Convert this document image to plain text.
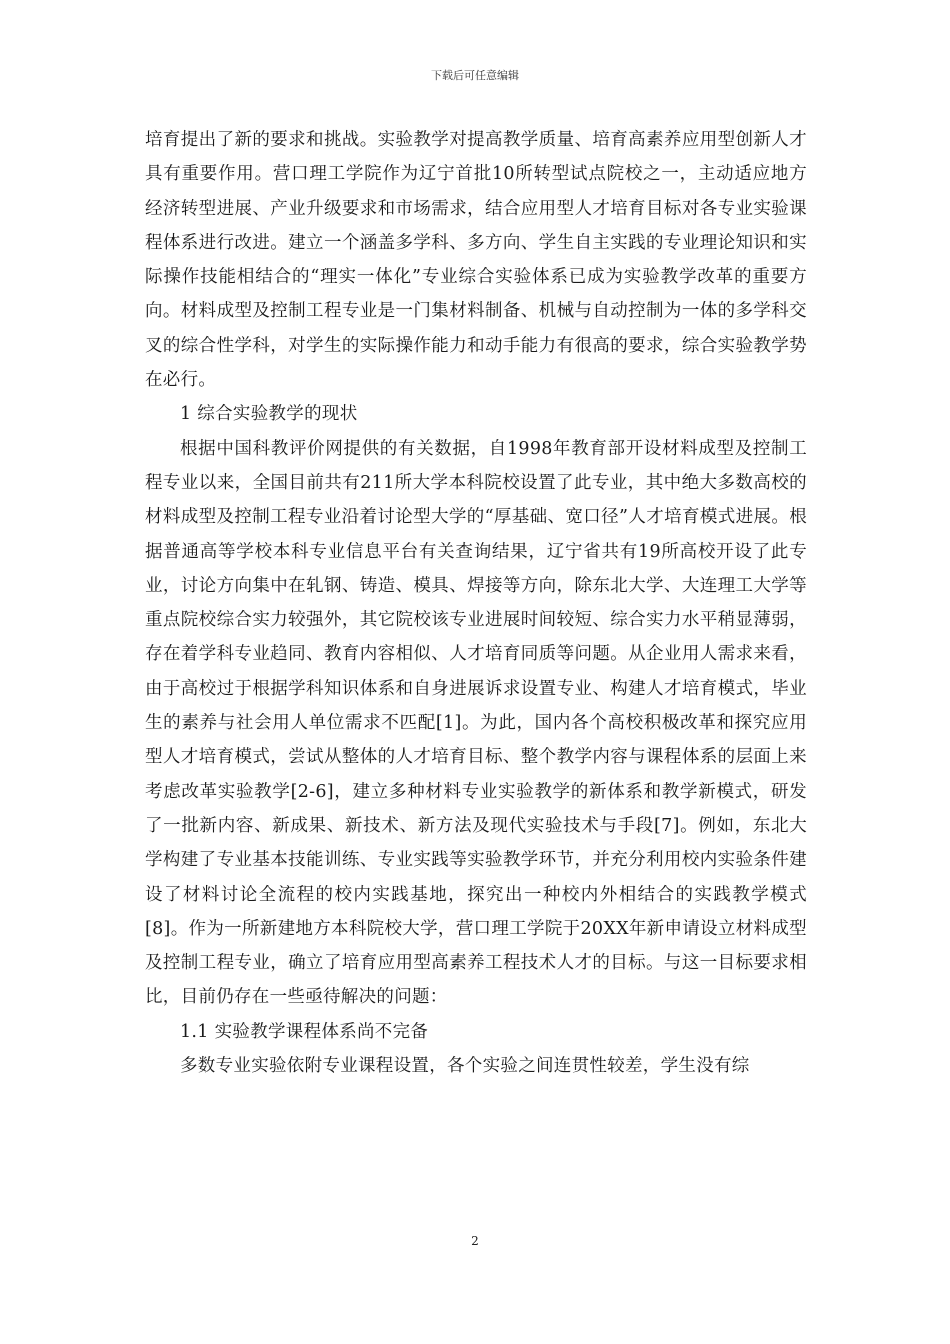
下载后可任意编辑

培育提出了新的要求和挑战。实验教学对提高教学质量、培育高素养应用型创新人才具有重要作用。营口理工学院作为辽宁首批10所转型试点院校之一，主动适应地方经济转型进展、产业升级要求和市场需求，结合应用型人才培育目标对各专业实验课程体系进行改进。建立一个涵盖多学科、多方向、学生自主实践的专业理论知识和实际操作技能相结合的“理实一体化”专业综合实验体系已成为实验教学改革的重要方向。材料成型及控制工程专业是一门集材料制备、机械与自动控制为一体的多学科交叉的综合性学科，对学生的实际操作能力和动手能力有很高的要求，综合实验教学势在必行。

1 综合实验教学的现状

根据中国科教评价网提供的有关数据，自1998年教育部开设材料成型及控制工程专业以来，全国目前共有211所大学本科院校设置了此专业，其中绝大多数高校的材料成型及控制工程专业沿着讨论型大学的“厚基础、宽口径”人才培育模式进展。根据普通高等学校本科专业信息平台有关查询结果，辽宁省共有19所高校开设了此专业，讨论方向集中在轧钢、铸造、模具、焊接等方向，除东北大学、大连理工大学等重点院校综合实力较强外，其它院校该专业进展时间较短、综合实力水平稍显薄弱，存在着学科专业趋同、教育内容相似、人才培育同质等问题。从企业用人需求来看，由于高校过于根据学科知识体系和自身进展诉求设置专业、构建人才培育模式，毕业生的素养与社会用人单位需求不匹配[1]。为此，国内各个高校积极改革和探究应用型人才培育模式，尝试从整体的人才培育目标、整个教学内容与课程体系的层面上来考虑改革实验教学[2-6]，建立多种材料专业实验教学的新体系和教学新模式，研发了一批新内容、新成果、新技术、新方法及现代实验技术与手段[7]。例如，东北大学构建了专业基本技能训练、专业实践等实验教学环节，并充分利用校内实验条件建设了材料讨论全流程的校内实践基地，探究出一种校内外相结合的实践教学模式[8]。作为一所新建地方本科院校大学，营口理工学院于20XX年新申请设立材料成型及控制工程专业，确立了培育应用型高素养工程技术人才的目标。与这一目标要求相比，目前仍存在一些亟待解决的问题：

1.1 实验教学课程体系尚不完备

多数专业实验依附专业课程设置，各个实验之间连贯性较差，学生没有综

2
